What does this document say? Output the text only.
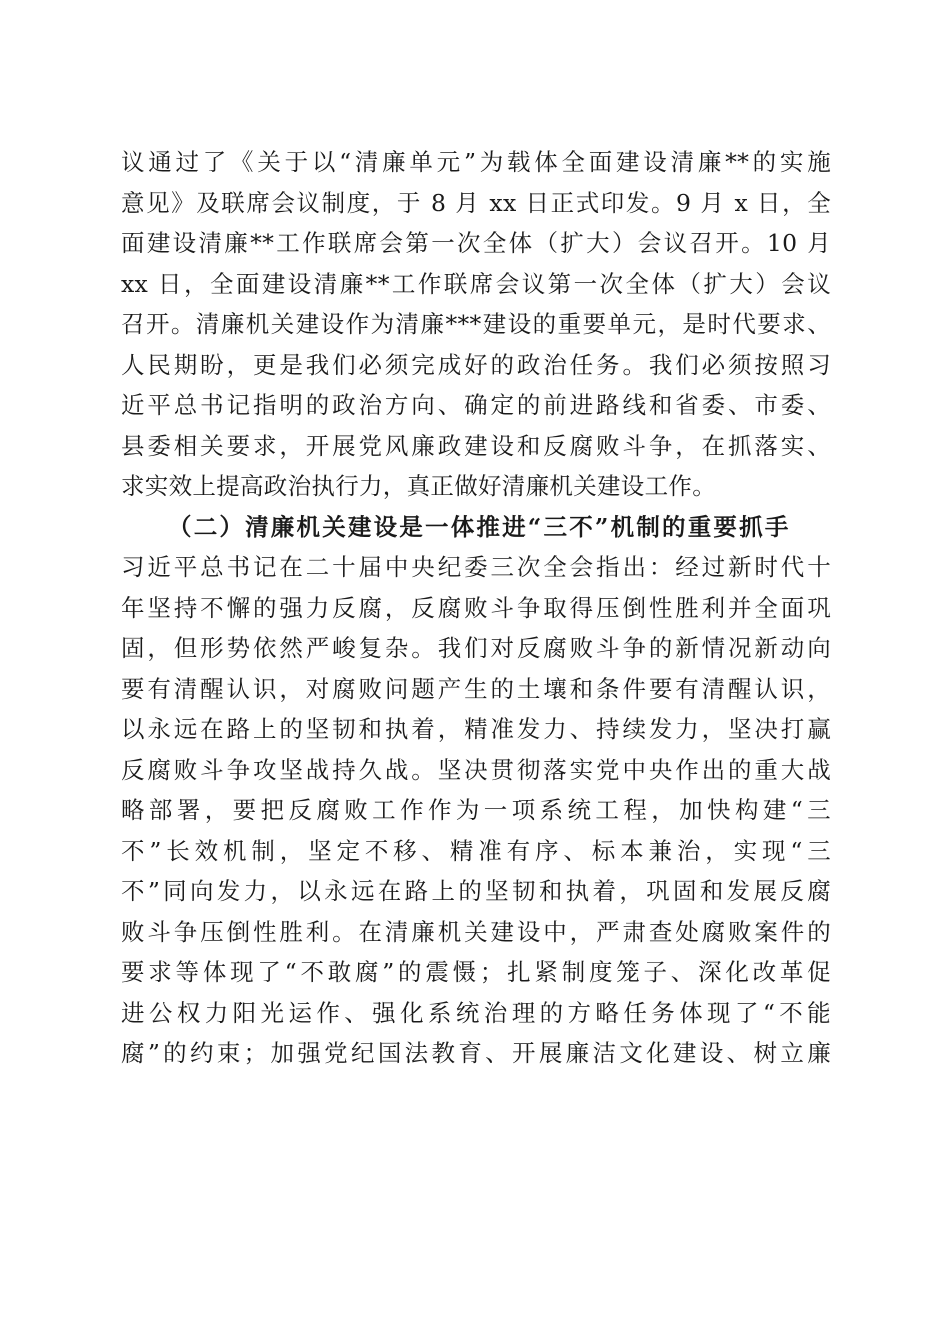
议通过了《关于以“清廉单元”为载体全面建设清廉**的实施
意见》及联席会议制度，于 8 月 xx 日正式印发。9 月 x 日，全
面建设清廉**工作联席会第一次全体（扩大）会议召开。10 月
xx 日，全面建设清廉**工作联席会议第一次全体（扩大）会议
召开。清廉机关建设作为清廉***建设的重要单元，是时代要求、
人民期盼，更是我们必须完成好的政治任务。我们必须按照习
近平总书记指明的政治方向、确定的前进路线和省委、市委、
县委相关要求，开展党风廉政建设和反腐败斗争，在抓落实、
求实效上提高政治执行力，真正做好清廉机关建设工作。
（二）清廉机关建设是一体推进“三不”机制的重要抓手
习近平总书记在二十届中央纪委三次全会指出：经过新时代十
年坚持不懈的强力反腐，反腐败斗争取得压倒性胜利并全面巩
固，但形势依然严峻复杂。我们对反腐败斗争的新情况新动向
要有清醒认识，对腐败问题产生的土壤和条件要有清醒认识，
以永远在路上的坚韧和执着，精准发力、持续发力，坚决打赢
反腐败斗争攻坚战持久战。坚决贯彻落实党中央作出的重大战
略部署，要把反腐败工作作为一项系统工程，加快构建“三
不”长效机制，坚定不移、精准有序、标本兼治，实现“三
不”同向发力，以永远在路上的坚韧和执着，巩固和发展反腐
败斗争压倒性胜利。在清廉机关建设中，严肃查处腐败案件的
要求等体现了“不敢腐”的震慑；扎紧制度笼子、深化改革促
进公权力阳光运作、强化系统治理的方略任务体现了“不能
腐”的约束；加强党纪国法教育、开展廉洁文化建设、树立廉
